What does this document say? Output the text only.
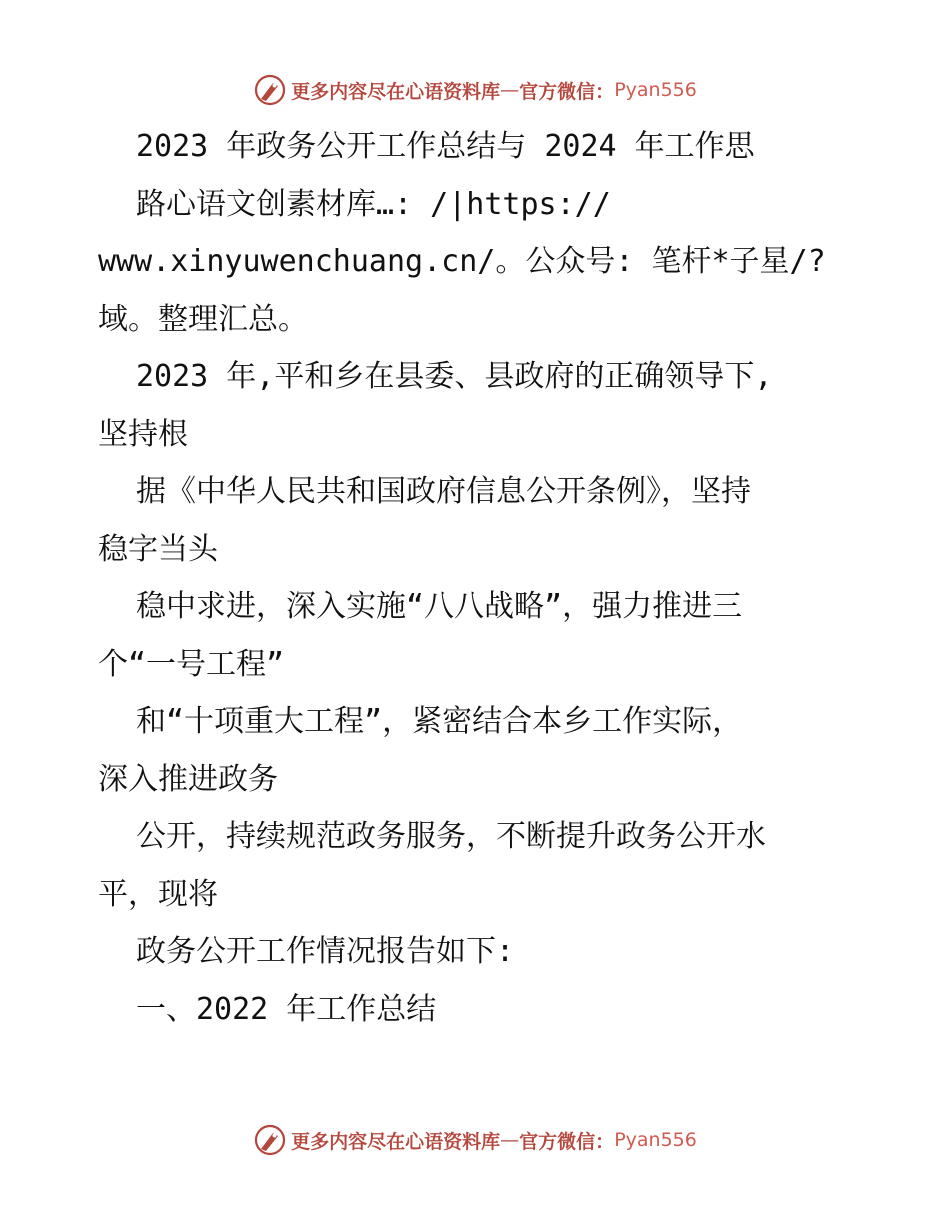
更多内容尽在心语资料库 — 官方微信： Pyan556

2023 年政务公开工作总结与 2024 年工作思

路心语文创素材库…: /|https://

www.xinyuwenchuang.cn/。公众号: 笔杆*子星/?

域。整理汇总。

2023 年,平和乡在县委、县政府的正确领导下,

坚持根

据《中华人民共和国政府信息公开条例》，坚持

稳字当头

稳中求进，深入实施“八八战略”，强力推进三

个“一号工程”

和“十项重大工程”，紧密结合本乡工作实际，

深入推进政务

公开，持续规范政务服务，不断提升政务公开水

平，现将

政务公开工作情况报告如下:

一、2022 年工作总结

更多内容尽在心语资料库 — 官方微信： Pyan556
